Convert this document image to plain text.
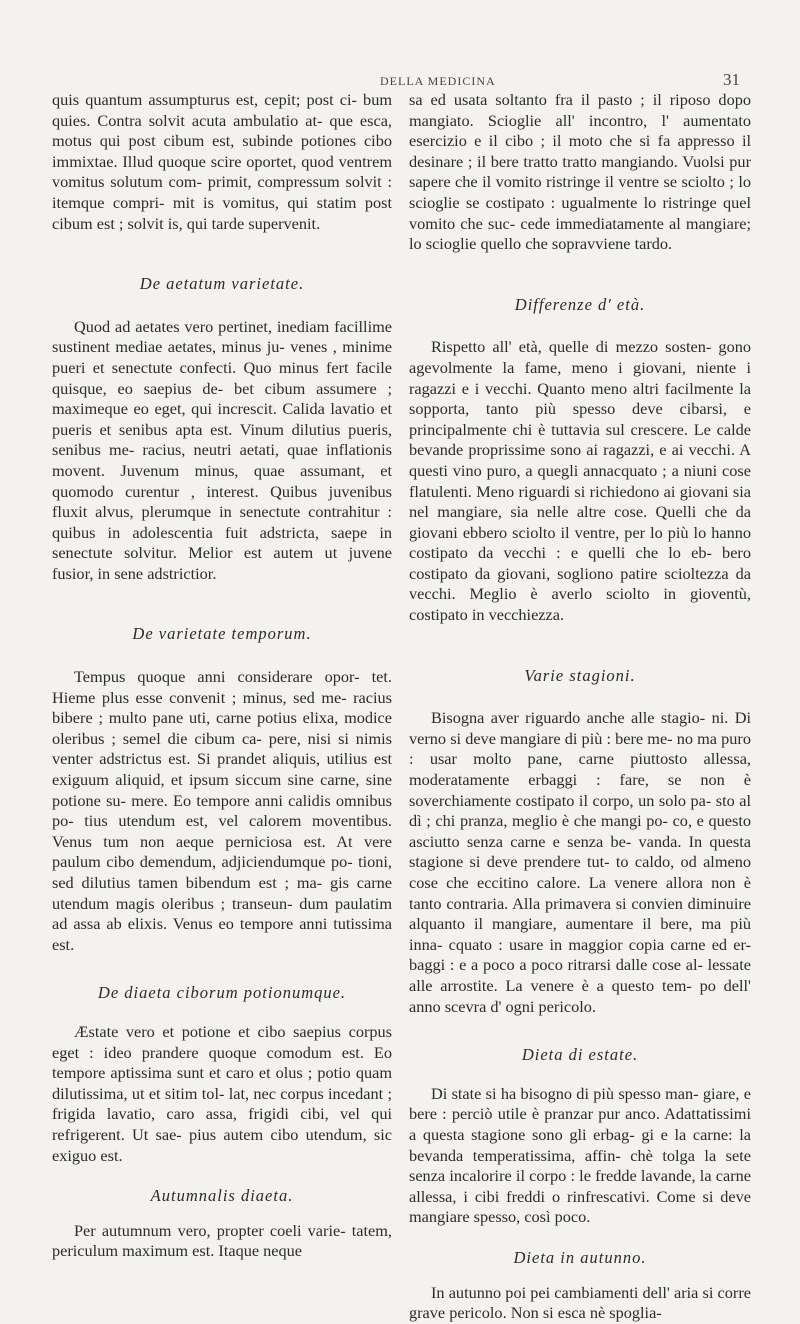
DELLA MEDICINA	31

quis quantum assumpturus est, cepit; post ci- bum quies. Contra solvit acuta ambulatio at- que esca, motus qui post cibum est, subinde potiones cibo immixtae. Illud quoque scire oportet, quod ventrem vomitus solutum com- primit, compressum solvit : itemque compri- mit is vomitus, qui statim post cibum est ; solvit is, qui tarde supervenit.

De aetatum varietate.

Quod ad aetates vero pertinet, inediam facillime sustinent mediae aetates, minus ju- venes , minime pueri et senectute confecti. Quo minus fert facile quisque, eo saepius de- bet cibum assumere ; maximeque eo eget, qui increscit. Calida lavatio et pueris et senibus apta est. Vinum dilutius pueris, senibus me- racius, neutri aetati, quae inflationis movent. Juvenum minus, quae assumant, et quomodo curentur , interest. Quibus juvenibus fluxit alvus, plerumque in senectute contrahitur : quibus in adolescentia fuit adstricta, saepe in senectute solvitur. Melior est autem ut juvene fusior, in sene adstrictior.

De varietate temporum.

Tempus quoque anni considerare opor- tet. Hieme plus esse convenit ; minus, sed me- racius bibere ; multo pane uti, carne potius elixa, modice oleribus ; semel die cibum ca- pere, nisi si nimis venter adstrictus est. Si prandet aliquis, utilius est exiguum aliquid, et ipsum siccum sine carne, sine potione su- mere. Eo tempore anni calidis omnibus po- tius utendum est, vel calorem moventibus. Venus tum non aeque perniciosa est. At vere paulum cibo demendum, adjiciendumque po- tioni, sed dilutius tamen bibendum est ; ma- gis carne utendum magis oleribus ; transeun- dum paulatim ad assa ab elixis. Venus eo tempore anni tutissima est.

De diaeta ciborum potionumque.

Æstate vero et potione et cibo saepius corpus eget : ideo prandere quoque comodum est. Eo tempore aptissima sunt et caro et olus ; potio quam dilutissima, ut et sitim tol- lat, nec corpus incedant ; frigida lavatio, caro assa, frigidi cibi, vel qui refrigerent. Ut sae- pius autem cibo utendum, sic exiguo est.

Autumnalis diaeta.

Per autumnum vero, propter coeli varie- tatem, periculum maximum est. Itaque neque

sa ed usata soltanto fra il pasto ; il riposo dopo mangiato. Scioglie all' incontro, l' aumentato esercizio e il cibo ; il moto che si fa appresso il desinare ; il bere tratto tratto mangiando. Vuolsi pur sapere che il vomito ristringe il ventre se sciolto ; lo scioglie se costipato : ugualmente lo ristringe quel vomito che suc- cede immediatamente al mangiare; lo scioglie quello che sopravviene tardo.

Differenze d' età.

Rispetto all' età, quelle di mezzo sosten- gono agevolmente la fame, meno i giovani, niente i ragazzi e i vecchi. Quanto meno altri facilmente la sopporta, tanto più spesso deve cibarsi, e principalmente chi è tuttavia sul crescere. Le calde bevande proprissime sono ai ragazzi, e ai vecchi. A questi vino puro, a quegli annacquato ; a niuni cose flatulenti. Meno riguardi si richiedono ai giovani sia nel mangiare, sia nelle altre cose. Quelli che da giovani ebbero sciolto il ventre, per lo più lo hanno costipato da vecchi : e quelli che lo eb- bero costipato da giovani, sogliono patire scioltezza da vecchi. Meglio è averlo sciolto in gioventù, costipato in vecchiezza.

Varie stagioni.

Bisogna aver riguardo anche alle stagio- ni. Di verno si deve mangiare di più : bere me- no ma puro : usar molto pane, carne piuttosto allessa, moderatamente erbaggi : fare, se non è soverchiamente costipato il corpo, un solo pa- sto al dì ; chi pranza, meglio è che mangi po- co, e questo asciutto senza carne e senza be- vanda. In questa stagione si deve prendere tut- to caldo, od almeno cose che eccitino calore. La venere allora non è tanto contraria. Alla primavera si convien diminuire alquanto il mangiare, aumentare il bere, ma più inna- cquato : usare in maggior copia carne ed er- baggi : e a poco a poco ritrarsi dalle cose al- lessate alle arrostite. La venere è a questo tem- po dell' anno scevra d' ogni pericolo.

Dieta di estate.

Di state si ha bisogno di più spesso man- giare, e bere : perciò utile è pranzar pur anco. Adattatissimi a questa stagione sono gli erbag- gi e la carne: la bevanda temperatissima, affin- chè tolga la sete senza incalorire il corpo : le fredde lavande, la carne allessa, i cibi freddi o rinfrescativi. Come si deve mangiare spesso, così poco.

Dieta in autunno.

In autunno poi pei cambiamenti dell' aria si corre grave pericolo. Non si esca nè spoglia-
